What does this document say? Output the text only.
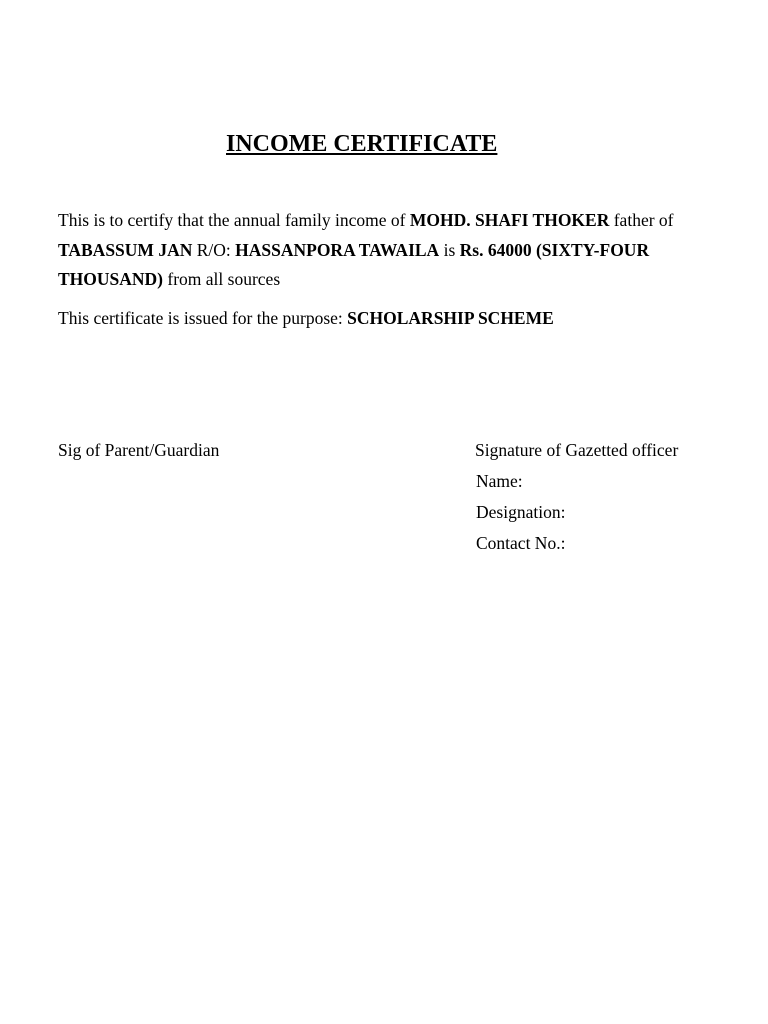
INCOME CERTIFICATE

This is to certify that the annual family income of MOHD. SHAFI THOKER father of TABASSUM JAN R/O: HASSANPORA TAWAILA is Rs. 64000 (SIXTY-FOUR THOUSAND) from all sources

This certificate is issued for the purpose: SCHOLARSHIP SCHEME

Sig of Parent/Guardian	Signature of Gazetted officer

Name:

Designation:

Contact No.:
